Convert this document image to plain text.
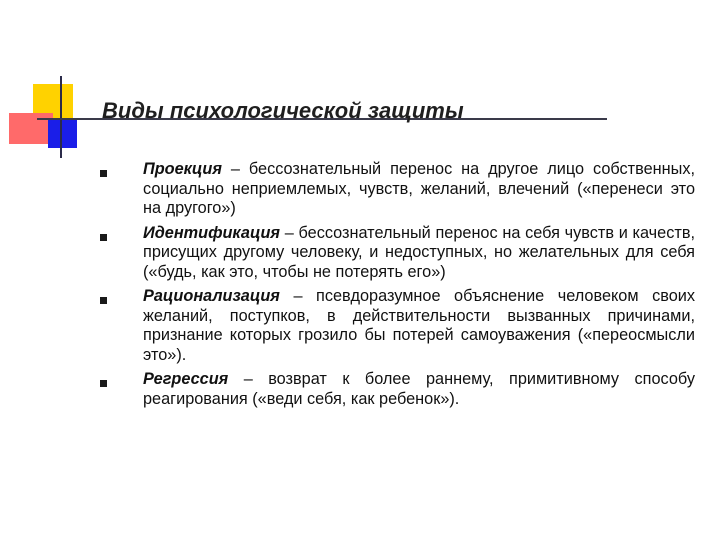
Виды психологической защиты
Проекция – бессознательный перенос на другое лицо собственных, социально неприемлемых, чувств, желаний, влечений («перенеси это на другого»)
Идентификация – бессознательный перенос на себя чувств и качеств, присущих другому человеку, и недоступных, но желательных для себя («будь, как это, чтобы не потерять его»)
Рационализация – псевдоразумное объяснение человеком своих желаний, поступков, в действительности вызванных причинами, признание которых грозило бы потерей самоуважения («переосмысли это»).
Регрессия – возврат к более раннему, примитивному способу реагирования («веди себя, как ребенок»).
